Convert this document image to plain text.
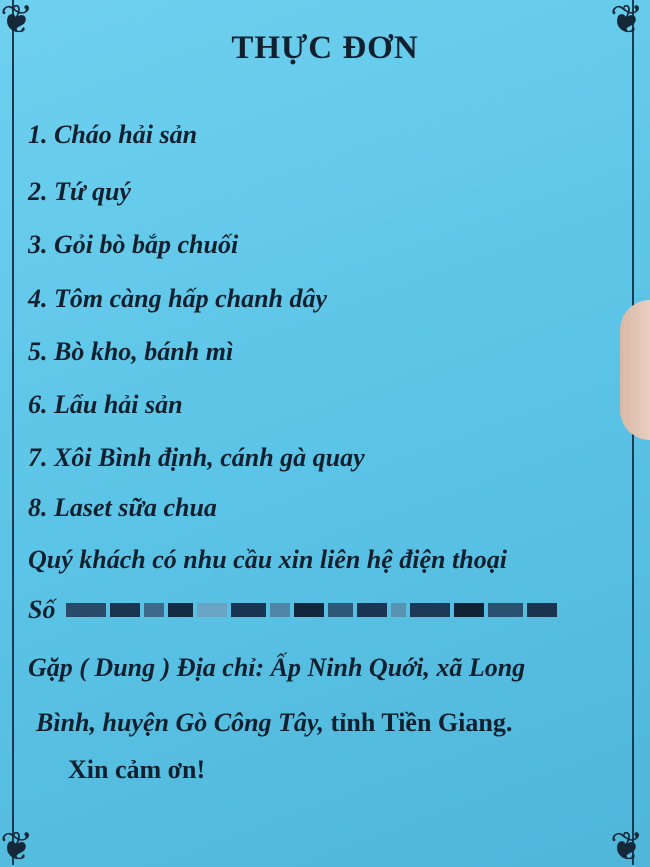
❦	❦
❦	❦
THỰC ĐƠN
1. Cháo hải sản
2. Tứ quý
3. Gỏi bò bắp chuối
4. Tôm càng hấp chanh dây
5. Bò kho, bánh mì
6. Lẩu hải sản
7. Xôi Bình định, cánh gà quay
8. Laset sữa chua
Quý khách có nhu cầu xin liên hệ điện thoại
Số
Gặp ( Dung ) Địa chỉ: Ấp Ninh Quới, xã Long
Bình, huyện Gò Công Tây, tỉnh Tiền Giang.
Xin cảm ơn!
